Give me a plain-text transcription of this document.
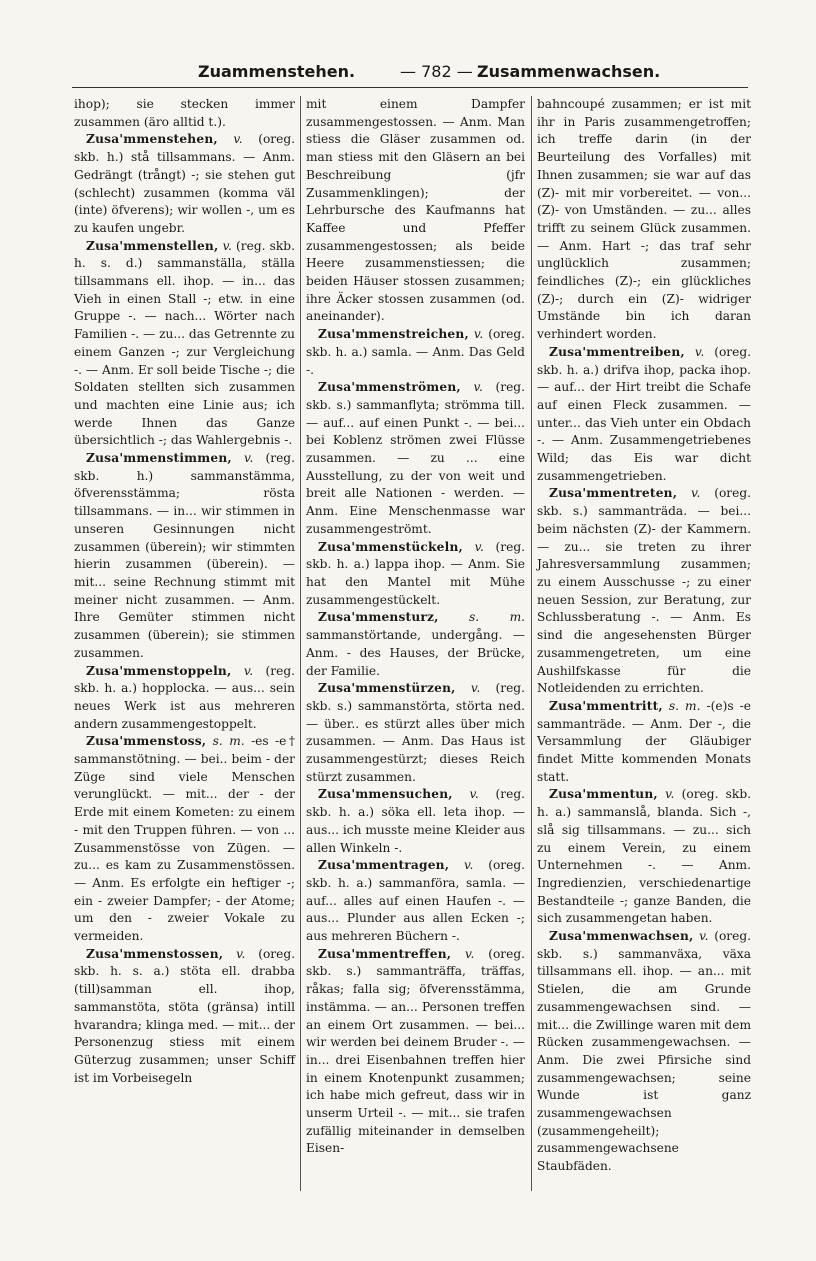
Zuammenstehen.	— 782 — Zusammenwachsen.

ihop); sie stecken immer zusammen (äro alltid t.).

Zusa'mmenstehen, v. (oreg. skb. h.) stå tillsammans. — Anm. Gedrängt (trångt) -; sie stehen gut (schlecht) zusammen (komma väl (inte) öfverens); wir wollen -, um es zu kaufen ungebr.

Zusa'mmenstellen, v. (reg. skb. h. s. d.) sammanställa, ställa tillsammans ell. ihop. — in... das Vieh in einen Stall -; etw. in eine Gruppe -. — nach... Wörter nach Familien -. — zu... das Getrennte zu einem Ganzen -; zur Vergleichung -. — Anm. Er soll beide Tische -; die Soldaten stellten sich zusammen und machten eine Linie aus; ich werde Ihnen das Ganze übersichtlich -; das Wahlergebnis -.

Zusa'mmenstimmen, v. (reg. skb. h.) sammanstämma, öfverensstämma; rösta tillsammans. — in... wir stimmen in unseren Gesinnungen nicht zusammen (überein); wir stimmten hierin zusammen (überein). — mit... seine Rechnung stimmt mit meiner nicht zusammen. — Anm. Ihre Gemüter stimmen nicht zusammen (überein); sie stimmen zusammen.

Zusa'mmenstoppeln, v. (reg. skb. h. a.) hopplocka. — aus... sein neues Werk ist aus mehreren andern zusammengestoppelt.

Zusa'mmenstoss, s. m. -es -e† sammanstötning. — bei.. beim - der Züge sind viele Menschen verunglückt. — mit... der - der Erde mit einem Kometen: zu einem - mit den Truppen führen. — von ... Zusammenstösse von Zügen. — zu... es kam zu Zusammenstössen. — Anm. Es erfolgte ein heftiger -; ein - zweier Dampfer; - der Atome; um den - zweier Vokale zu vermeiden.

Zusa'mmenstossen, v. (oreg. skb. h. s. a.) stöta ell. drabba (till)samman ell. ihop, sammanstöta, stöta (gränsa) intill hvarandra; klinga med. — mit... der Personenzug stiess mit einem Güterzug zusammen; unser Schiff ist im Vorbeisegeln

mit einem Dampfer zusammengestossen. — Anm. Man stiess die Gläser zusammen od. man stiess mit den Gläsern an bei Beschreibung (jfr Zusammenklingen); der Lehrbursche des Kaufmanns hat Kaffee und Pfeffer zusammengestossen; als beide Heere zusammenstiessen; die beiden Häuser stossen zusammen; ihre Äcker stossen zusammen (od. aneinander).

Zusa'mmenstreichen, v. (oreg. skb. h. a.) samla. — Anm. Das Geld -.

Zusa'mmenströmen, v. (reg. skb. s.) sammanflyta; strömma till. — auf... auf einen Punkt -. — bei... bei Koblenz strömen zwei Flüsse zusammen. — zu ... eine Ausstellung, zu der von weit und breit alle Nationen - werden. — Anm. Eine Menschenmasse war zusammengeströmt.

Zusa'mmenstückeln, v. (reg. skb. h. a.) lappa ihop. — Anm. Sie hat den Mantel mit Mühe zusammengestückelt.

Zusa'mmensturz, s. m. sammanstörtande, undergång. — Anm. - des Hauses, der Brücke, der Familie.

Zusa'mmenstürzen, v. (reg. skb. s.) sammanstörta, störta ned. — über.. es stürzt alles über mich zusammen. — Anm. Das Haus ist zusammengestürzt; dieses Reich stürzt zusammen.

Zusa'mmensuchen, v. (reg. skb. h. a.) söka ell. leta ihop. — aus... ich musste meine Kleider aus allen Winkeln -.

Zusa'mmentragen, v. (oreg. skb. h. a.) sammanföra, samla. — auf... alles auf einen Haufen -. — aus... Plunder aus allen Ecken -; aus mehreren Büchern -.

Zusa'mmentreffen, v. (oreg. skb. s.) sammanträffa, träffas, råkas; falla sig; öfverensstämma, instämma. — an... Personen treffen an einem Ort zusammen. — bei... wir werden bei deinem Bruder -. — in... drei Eisenbahnen treffen hier in einem Knotenpunkt zusammen; ich habe mich gefreut, dass wir in unserm Urteil -. — mit... sie trafen zufällig miteinander in demselben Eisen-

bahncoupé zusammen; er ist mit ihr in Paris zusammengetroffen; ich treffe darin (in der Beurteilung des Vorfalles) mit Ihnen zusammen; sie war auf das (Z)- mit mir vorbereitet. — von... (Z)- von Umständen. — zu... alles trifft zu seinem Glück zusammen. — Anm. Hart -; das traf sehr unglücklich zusammen; feindliches (Z)-; ein glückliches (Z)-; durch ein (Z)- widriger Umstände bin ich daran verhindert worden.

Zusa'mmentreiben, v. (oreg. skb. h. a.) drifva ihop, packa ihop. — auf... der Hirt treibt die Schafe auf einen Fleck zusammen. — unter... das Vieh unter ein Obdach -. — Anm. Zusammengetriebenes Wild; das Eis war dicht zusammengetrieben.

Zusa'mmentreten, v. (oreg. skb. s.) sammanträda. — bei... beim nächsten (Z)- der Kammern. — zu... sie treten zu ihrer Jahresversammlung zusammen; zu einem Ausschusse -; zu einer neuen Session, zur Beratung, zur Schlussberatung -. — Anm. Es sind die angesehensten Bürger zusammengetreten, um eine Aushilfskasse für die Notleidenden zu errichten.

Zusa'mmentritt, s. m. -(e)s -e sammanträde. — Anm. Der -, die Versammlung der Gläubiger findet Mitte kommenden Monats statt.

Zusa'mmentun, v. (oreg. skb. h. a.) sammanslå, blanda. Sich -, slå sig tillsammans. — zu... sich zu einem Verein, zu einem Unternehmen -. — Anm. Ingredienzien, verschiedenartige Bestandteile -; ganze Banden, die sich zusammengetan haben.

Zusa'mmenwachsen, v. (oreg. skb. s.) sammanväxa, växa tillsammans ell. ihop. — an... mit Stielen, die am Grunde zusammengewachsen sind. — mit... die Zwillinge waren mit dem Rücken zusammengewachsen. — Anm. Die zwei Pfirsiche sind zusammengewachsen; seine Wunde ist ganz zusammengewachsen (zusammengeheilt); zusammengewachsene Staubfäden.
